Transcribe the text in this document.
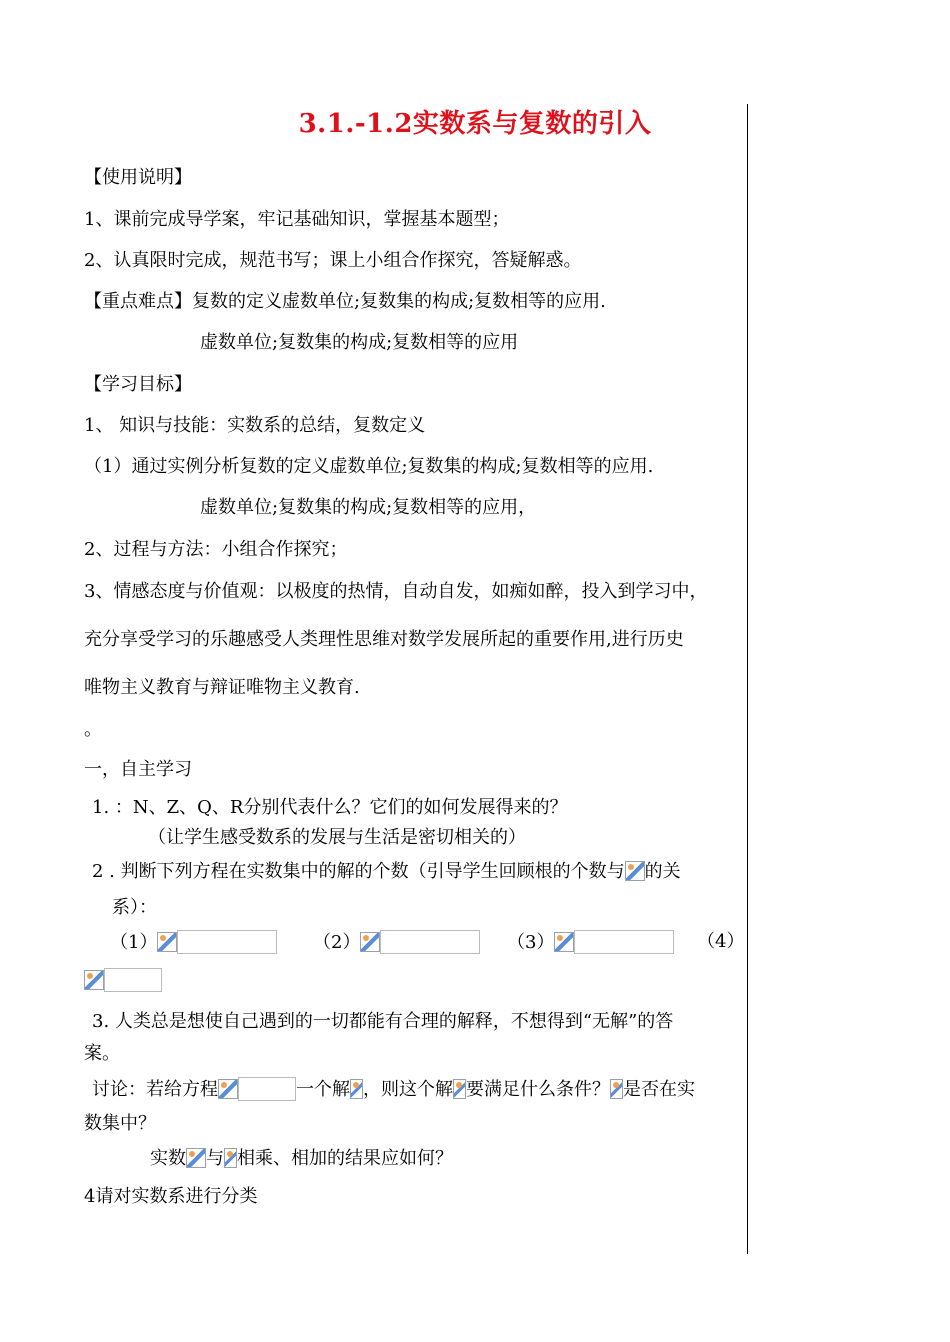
3.1.-1.2实数系与复数的引入
【使用说明】
1、课前完成导学案，牢记基础知识，掌握基本题型；
2、认真限时完成，规范书写；课上小组合作探究，答疑解惑。
【重点难点】复数的定义虚数单位;复数集的构成;复数相等的应用.
虚数单位;复数集的构成;复数相等的应用
【学习目标】
1、 知识与技能：实数系的总结，复数定义
（1）通过实例分析复数的定义虚数单位;复数集的构成;复数相等的应用.
虚数单位;复数集的构成;复数相等的应用，
2、过程与方法：小组合作探究；
3、情感态度与价值观：以极度的热情，自动自发，如痴如醉，投入到学习中，
充分享受学习的乐趣感受人类理性思维对数学发展所起的重要作用,进行历史
唯物主义教育与辩证唯物主义教育.
。
一，自主学习
1. ：N、Z、Q、R分别代表什么？它们的如何发展得来的？
（让学生感受数系的发展与生活是密切相关的）
2 . 判断下列方程在实数集中的解的个数（引导学生回顾根的个数与 的关
系）：
（1）	（2）	（3）	（4）
3. 人类总是想使自己遇到的一切都能有合理的解释，不想得到“无解”的答
案。
讨论：若给方程	一个解 ，则这个解 要满足什么条件？ 是否在实
数集中？
实数 与 相乘、相加的结果应如何？
4请对实数系进行分类
